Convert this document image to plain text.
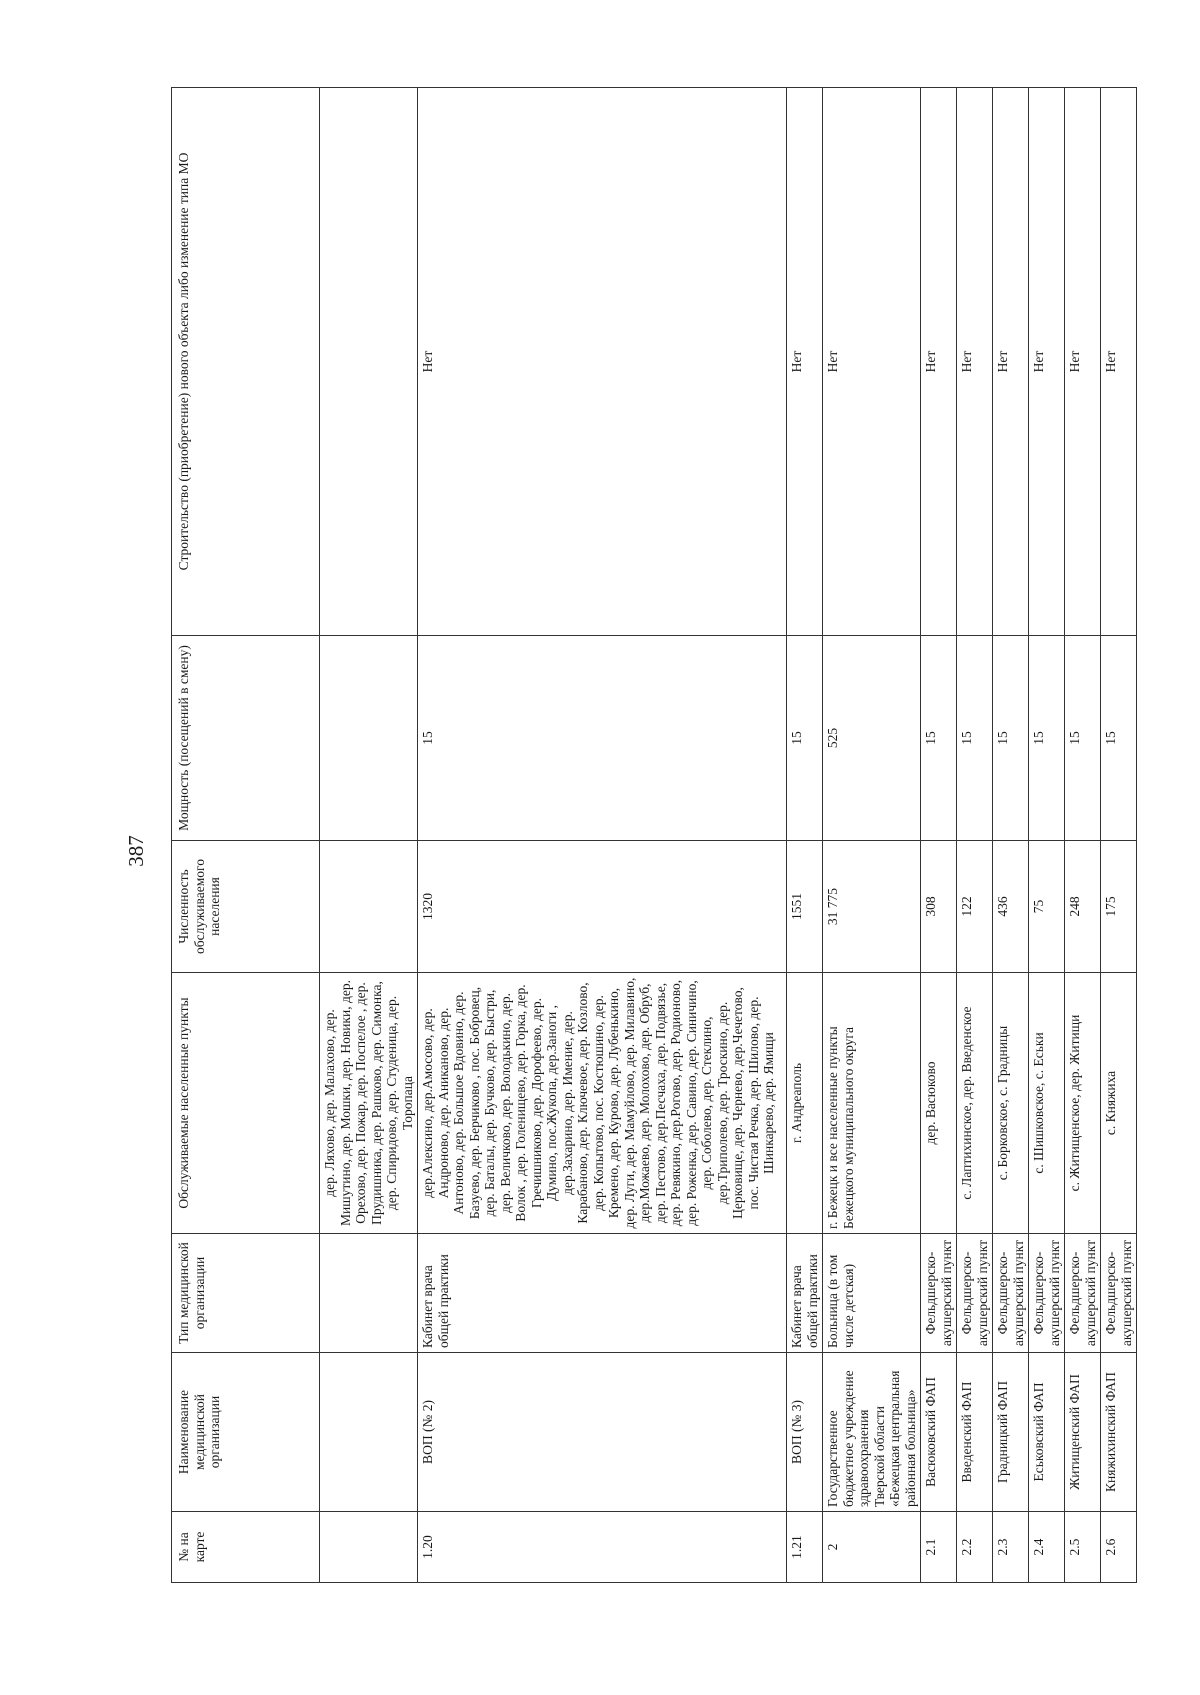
387
№ на карте	Наименование медицинской организации	Тип медицинской организации	Обслуживаемые населенные пункты	Численность обслуживаемого населения	Мощность (посещений в смену)	Строительство (приобретение) нового объекта либо изменение типа МО
			дер. Ляхово, дер. Малахово, дер. Мишутино, дер. Мошки, дер. Новики, дер. Орехово, дер. Пожар, дер. Поспелое , дер. Прудишника, дер. Рашково, дер. Симонка, дер. Спиридово, дер. Студеница, дер. Торопаца			
1.20	ВОП (№ 2)	Кабинет врача общей практики	дер.Алексино, дер.Амосово, дер. Андроново, дер. Аниканово, дер. Антоново, дер. Большое Вдовино, дер. Базуево, дер. Берчиково , пос. Бобровец, дер. Баталы, дер. Бучково, дер. Быстри, дер. Величково, дер. Володькино, дер. Волок , дер. Голенищево, дер. Горка, дер. Гречишниково, дер. Дорофеево, дер. Думино, пос.Жукопа, дер.Заноги , дер.Захарино, дер. Имение, дер. Карабаново, дер. Ключевое, дер. Козлово, дер. Копытово, пос. Костюшино, дер. Кремено, дер. Курово, дер. Лубенькино, дер. Луги, дер. Мамуйлово, дер. Милавино, дер.Можаево, дер. Молохово, дер. Обруб, дер. Пестово, дер.Песчаха, дер. Подвязье, дер. Ревякино, дер.Рогово, дер. Родионово, дер. Роженка, дер. Савино, дер. Синичино, дер. Соболево, дер. Стеклино, дер.Триполево, дер. Троскино, дер. Церковище, дер. Чернево, дер.Чечетово, пос. Чистая Речка, дер. Шилово, дер. Шинкарево, дер. Ямищи	1320	15	Нет
1.21	ВОП (№ 3)	Кабинет врача общей практики	г. Андреаполь	1551	15	Нет
2	Государственное бюджетное учреждение здравоохранения Тверской области «Бежецкая центральная районная больница»	Больница (в том числе детская)	г. Бежецк и все населенные пункты Бежецкого муниципального округа	31 775	525	Нет
2.1	Васюковский ФАП	Фельдшерско-акушерский пункт	дер. Васюково	308	15	Нет
2.2	Введенский ФАП	Фельдшерско-акушерский пункт	с. Лаптихинское, дер. Введенское	122	15	Нет
2.3	Градницкий ФАП	Фельдшерско-акушерский пункт	с. Борковское, с. Градницы	436	15	Нет
2.4	Еськовский ФАП	Фельдшерско-акушерский пункт	с. Шишковское, с. Еськи	75	15	Нет
2.5	Житищенский ФАП	Фельдшерско-акушерский пункт	с. Житищенское, дер. Житищи	248	15	Нет
2.6	Княжихинский ФАП	Фельдшерско-акушерский пункт	с. Княжиха	175	15	Нет
